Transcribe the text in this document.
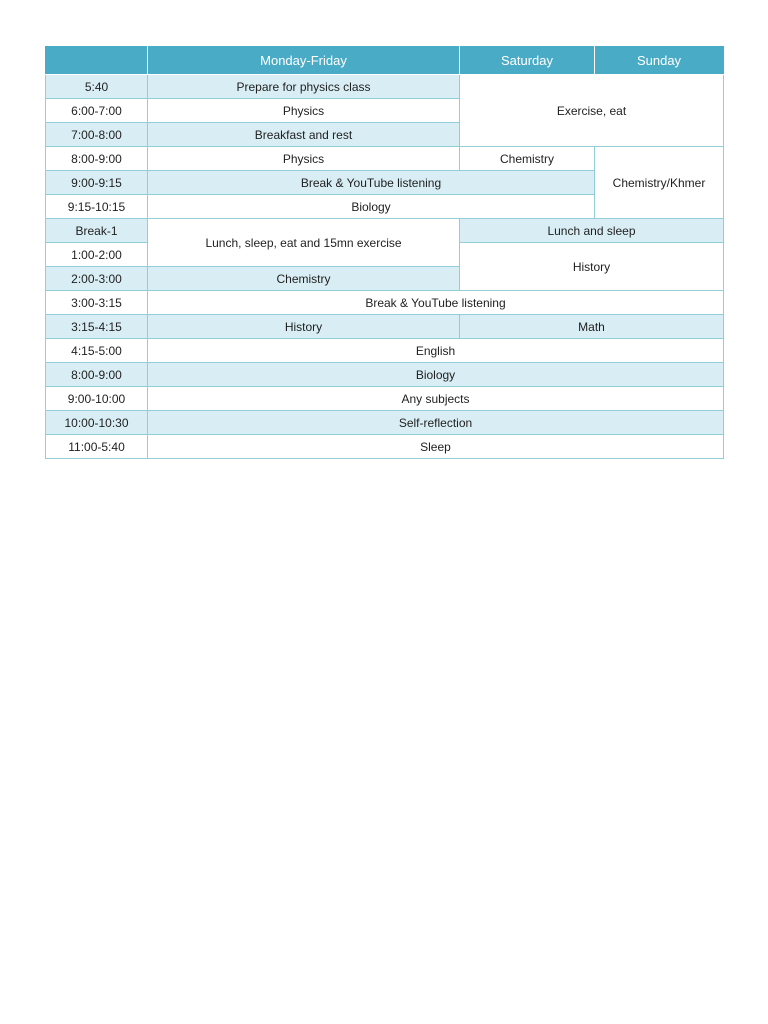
	Monday-Friday	Saturday	Sunday
5:40	Prepare for physics class	Exercise, eat	
6:00-7:00	Physics		
7:00-8:00	Breakfast and rest		
8:00-9:00	Physics	Chemistry	Chemistry/Khmer
9:00-9:15	Break & YouTube listening		
9:15-10:15	Biology		
Break-1	Lunch, sleep, eat and 15mn exercise	Lunch and sleep	
1:00-2:00		History	
2:00-3:00	Chemistry		
3:00-3:15	Break & YouTube listening		
3:15-4:15	History	Math	
4:15-5:00	English		
8:00-9:00	Biology		
9:00-10:00	Any subjects		
10:00-10:30	Self-reflection		
11:00-5:40	Sleep		
